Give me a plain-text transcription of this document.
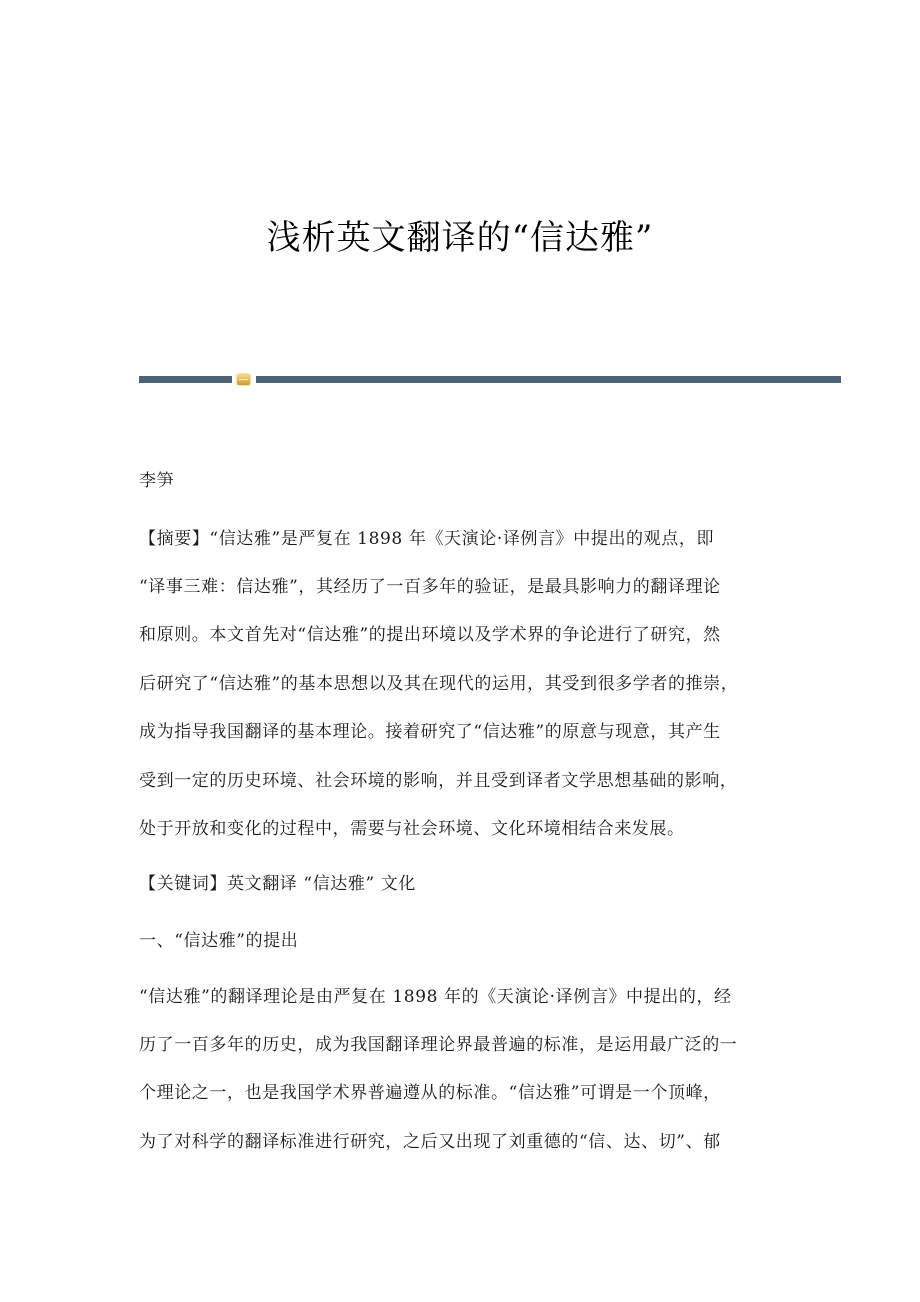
浅析英文翻译的“信达雅”
李笋
【摘要】“信达雅”是严复在 1898 年《天演论·译例言》中提出的观点，即
“译事三难：信达雅”，其经历了一百多年的验证，是最具影响力的翻译理论
和原则。本文首先对“信达雅”的提出环境以及学术界的争论进行了研究，然
后研究了“信达雅”的基本思想以及其在现代的运用，其受到很多学者的推崇，
成为指导我国翻译的基本理论。接着研究了“信达雅”的原意与现意，其产生
受到一定的历史环境、社会环境的影响，并且受到译者文学思想基础的影响，
处于开放和变化的过程中，需要与社会环境、文化环境相结合来发展。
【关键词】英文翻译 “信达雅” 文化
一、“信达雅”的提出
“信达雅”的翻译理论是由严复在 1898 年的《天演论·译例言》中提出的，经
历了一百多年的历史，成为我国翻译理论界最普遍的标准，是运用最广泛的一
个理论之一，也是我国学术界普遍遵从的标准。“信达雅”可谓是一个顶峰，
为了对科学的翻译标准进行研究，之后又出现了刘重德的“信、达、切”、郁
